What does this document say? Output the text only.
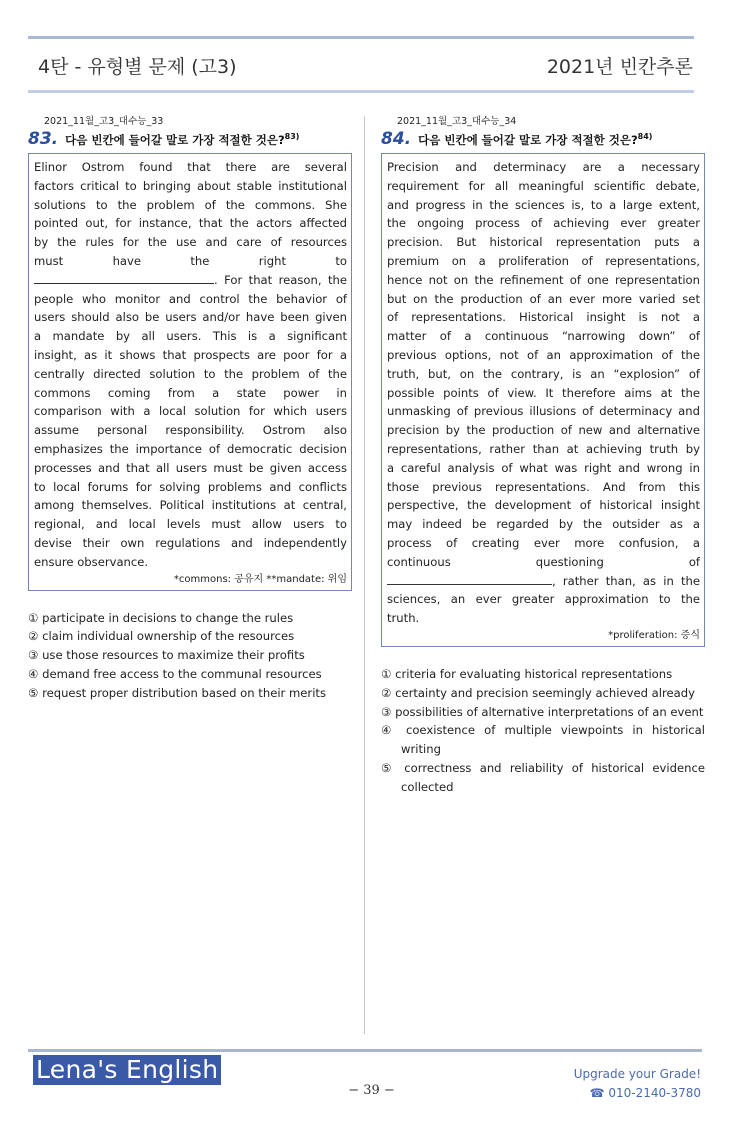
4탄 - 유형별 문제 (고3)	2021년 빈칸추론
2021_11월_고3_대수능_33
83. 다음 빈칸에 들어갈 말로 가장 적절한 것은?$^{83)}$
Elinor Ostrom found that there are several
factors critical to bringing about stable institutional
solutions to the problem of the commons. She
pointed out, for instance, that the actors affected
by the rules for the use and care of resources
must have the right to
. For that reason, the
people who monitor and control the behavior of
users should also be users and/or have been given
a mandate by all users. This is a significant
insight, as it shows that prospects are poor for a
centrally directed solution to the problem of the
commons coming from a state power in
comparison with a local solution for which users
assume personal responsibility. Ostrom also
emphasizes the importance of democratic decision
processes and that all users must be given access
to local forums for solving problems and conflicts
among themselves. Political institutions at central,
regional, and local levels must allow users to
devise their own regulations and independently
ensure observance.
*commons: 공유지 **mandate: 위임
① participate in decisions to change the rules
② claim individual ownership of the resources
③ use those resources to maximize their profits
④ demand free access to the communal resources
⑤ request proper distribution based on their merits
2021_11월_고3_대수능_34
84. 다음 빈칸에 들어갈 말로 가장 적절한 것은?$^{84)}$
Precision and determinacy are a necessary
requirement for all meaningful scientific debate,
and progress in the sciences is, to a large extent,
the ongoing process of achieving ever greater
precision. But historical representation puts a
premium on a proliferation of representations,
hence not on the refinement of one representation
but on the production of an ever more varied set
of representations. Historical insight is not a
matter of a continuous “narrowing down” of
previous options, not of an approximation of the
truth, but, on the contrary, is an “explosion” of
possible points of view. It therefore aims at the
unmasking of previous illusions of determinacy and
precision by the production of new and alternative
representations, rather than at achieving truth by
a careful analysis of what was right and wrong in
those previous representations. And from this
perspective, the development of historical insight
may indeed be regarded by the outsider as a
process of creating ever more confusion, a
continuous questioning of
, rather than, as in the
sciences, an ever greater approximation to the
truth.
*proliferation: 증식
① criteria for evaluating historical representations
② certainty and precision seemingly achieved already
③ possibilities of alternative interpretations of an event
④ coexistence of multiple viewpoints in historical writing
⑤ correctness and reliability of historical evidence collected
Lena's English
− 39 −
Upgrade your Grade!
☎ 010-2140-3780
